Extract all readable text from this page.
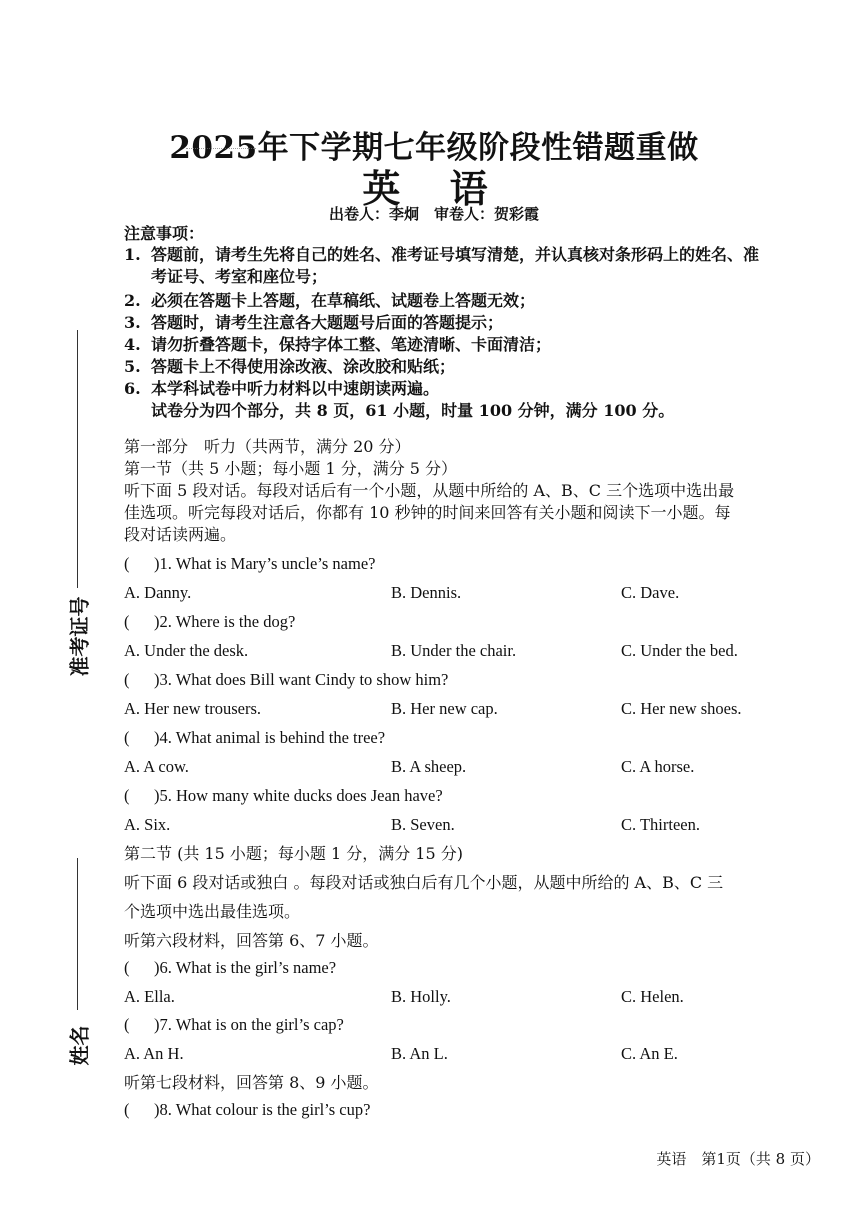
2025年下学期七年级阶段性错题重做
英 语
出卷人：李炯　审卷人：贺彩霞
准考证号
姓名
注意事项：
1. 答题前，请考生先将自己的姓名、准考证号填写清楚，并认真核对条形码上的姓名、准
考证号、考室和座位号；
2. 必须在答题卡上答题，在草稿纸、试题卷上答题无效；
3. 答题时，请考生注意各大题题号后面的答题提示；
4. 请勿折叠答题卡，保持字体工整、笔迹清晰、卡面清洁；
5. 答题卡上不得使用涂改液、涂改胶和贴纸；
6. 本学科试卷中听力材料以中速朗读两遍。
试卷分为四个部分，共 8 页，61 小题，时量 100 分钟，满分 100 分。
第一部分　听力（共两节，满分 20 分）
第一节（共 5 小题；每小题 1 分，满分 5 分）
听下面 5 段对话。每段对话后有一个小题，从题中所给的 A、B、C 三个选项中选出最
佳选项。听完每段对话后，你都有 10 秒钟的时间来回答有关小题和阅读下一小题。每
段对话读两遍。
( )1. What is Mary’s uncle’s name?
A. Danny.	B. Dennis.	C. Dave.
( )2. Where is the dog?
A. Under the desk.	B. Under the chair.	C. Under the bed.
( )3. What does Bill want Cindy to show him?
A. Her new trousers.	B. Her new cap.	C. Her new shoes.
( )4. What animal is behind the tree?
A. A cow.	B. A sheep.	C. A horse.
( )5. How many white ducks does Jean have?
A. Six.	B. Seven.	C. Thirteen.
第二节 (共 15 小题；每小题 1 分，满分 15 分)
听下面 6 段对话或独白 。每段对话或独白后有几个小题，从题中所给的 A、B、C 三
个选项中选出最佳选项。
听第六段材料，回答第 6、7 小题。
( )6. What is the girl’s name?
A. Ella.	B. Holly.	C. Helen.
( )7. What is on the girl’s cap?
A. An H.	B. An L.	C. An E.
听第七段材料，回答第 8、9 小题。
( )8. What colour is the girl’s cup?
英语　第1页（共 8 页）
